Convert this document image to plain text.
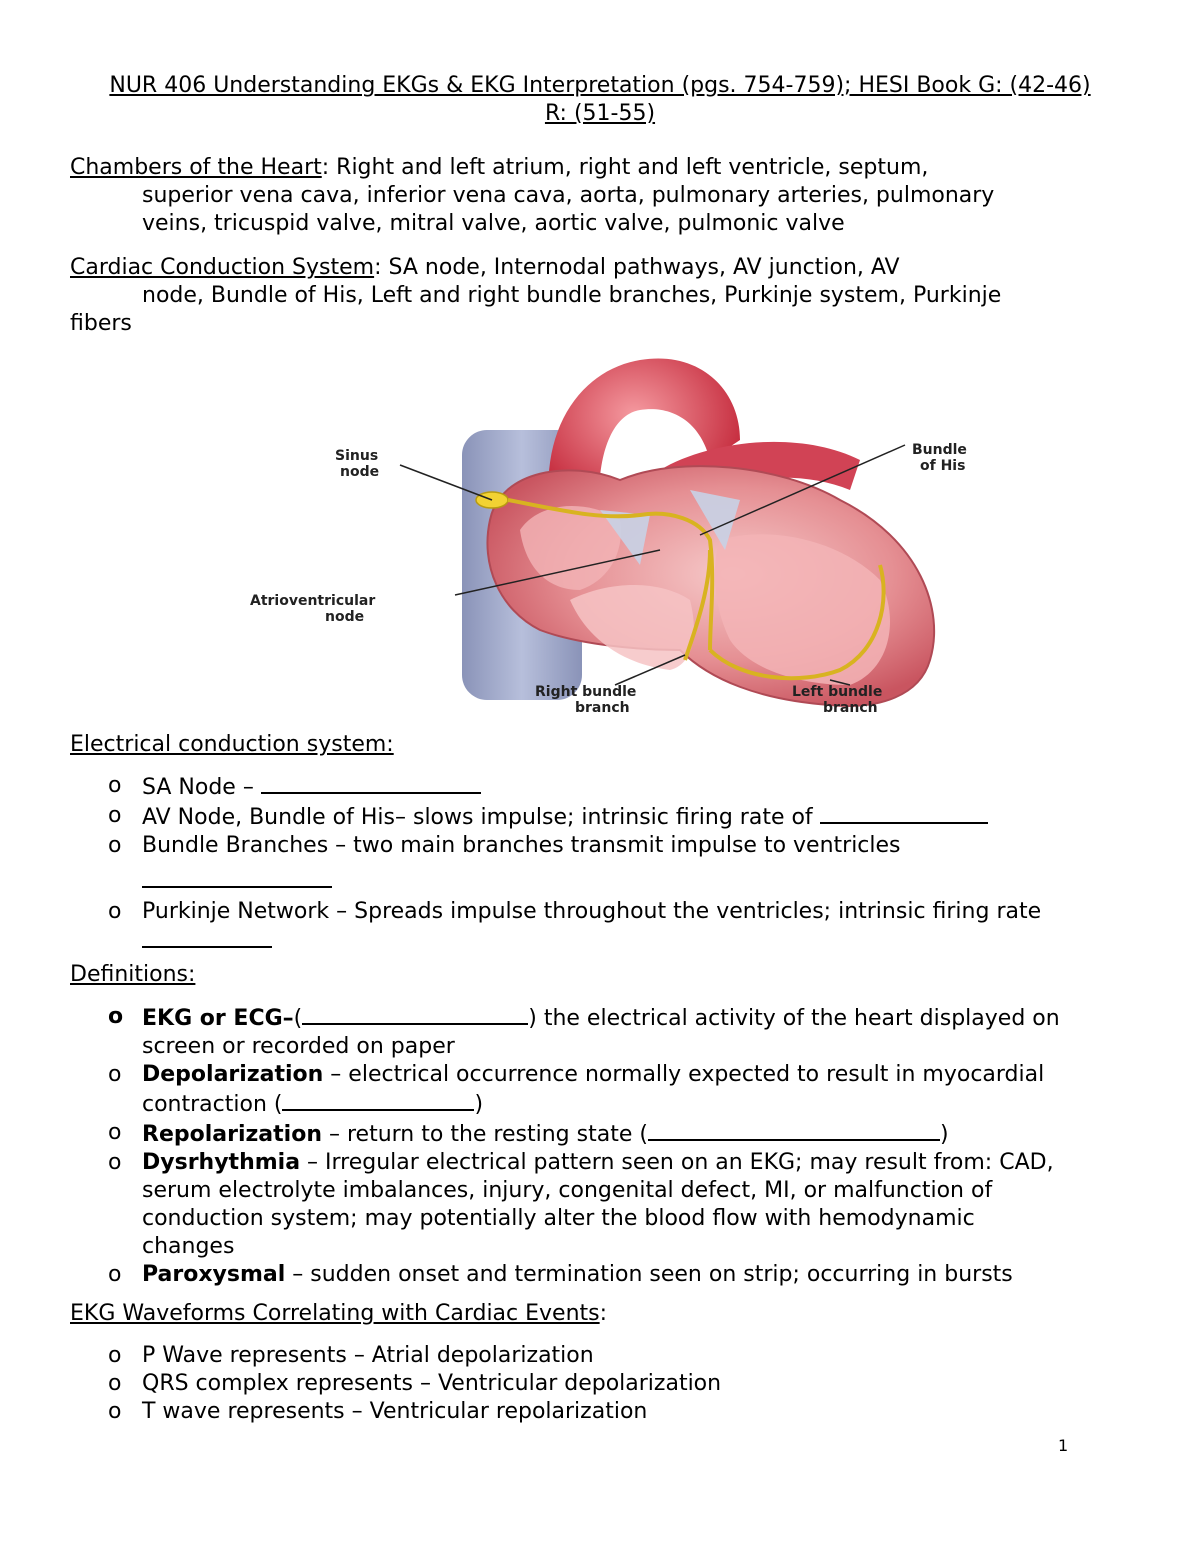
NUR 406 Understanding EKGs & EKG Interpretation (pgs. 754-759); HESI Book G: (42-46)
R: (51-55)
Chambers of the Heart: Right and left atrium, right and left ventricle, septum,
superior vena cava, inferior vena cava, aorta, pulmonary arteries, pulmonary
veins, tricuspid valve, mitral valve, aortic valve, pulmonic valve
Cardiac Conduction System: SA node, Internodal pathways, AV junction, AV
node, Bundle of His, Left and right bundle branches, Purkinje system, Purkinje
fibers
Sinus
node
Bundle
of His
Atrioventricular
node
Right bundle
branch
Left bundle
branch
Electrical conduction system:
o SA Node –
o AV Node, Bundle of His– slows impulse; intrinsic firing rate of
o Bundle Branches – two main branches transmit impulse to ventricles

o Purkinje Network – Spreads impulse throughout the ventricles; intrinsic firing rate

Definitions:
o EKG or ECG–(	) the electrical activity of the heart displayed on
screen or recorded on paper
o Depolarization – electrical occurrence normally expected to result in myocardial
contraction (	)
o Repolarization – return to the resting state (	)
o Dysrhythmia – Irregular electrical pattern seen on an EKG; may result from: CAD,
serum electrolyte imbalances, injury, congenital defect, MI, or malfunction of
conduction system; may potentially alter the blood flow with hemodynamic
changes
o Paroxysmal – sudden onset and termination seen on strip; occurring in bursts
EKG Waveforms Correlating with Cardiac Events:
o P Wave represents – Atrial depolarization
o QRS complex represents – Ventricular depolarization
o T wave represents – Ventricular repolarization
1
